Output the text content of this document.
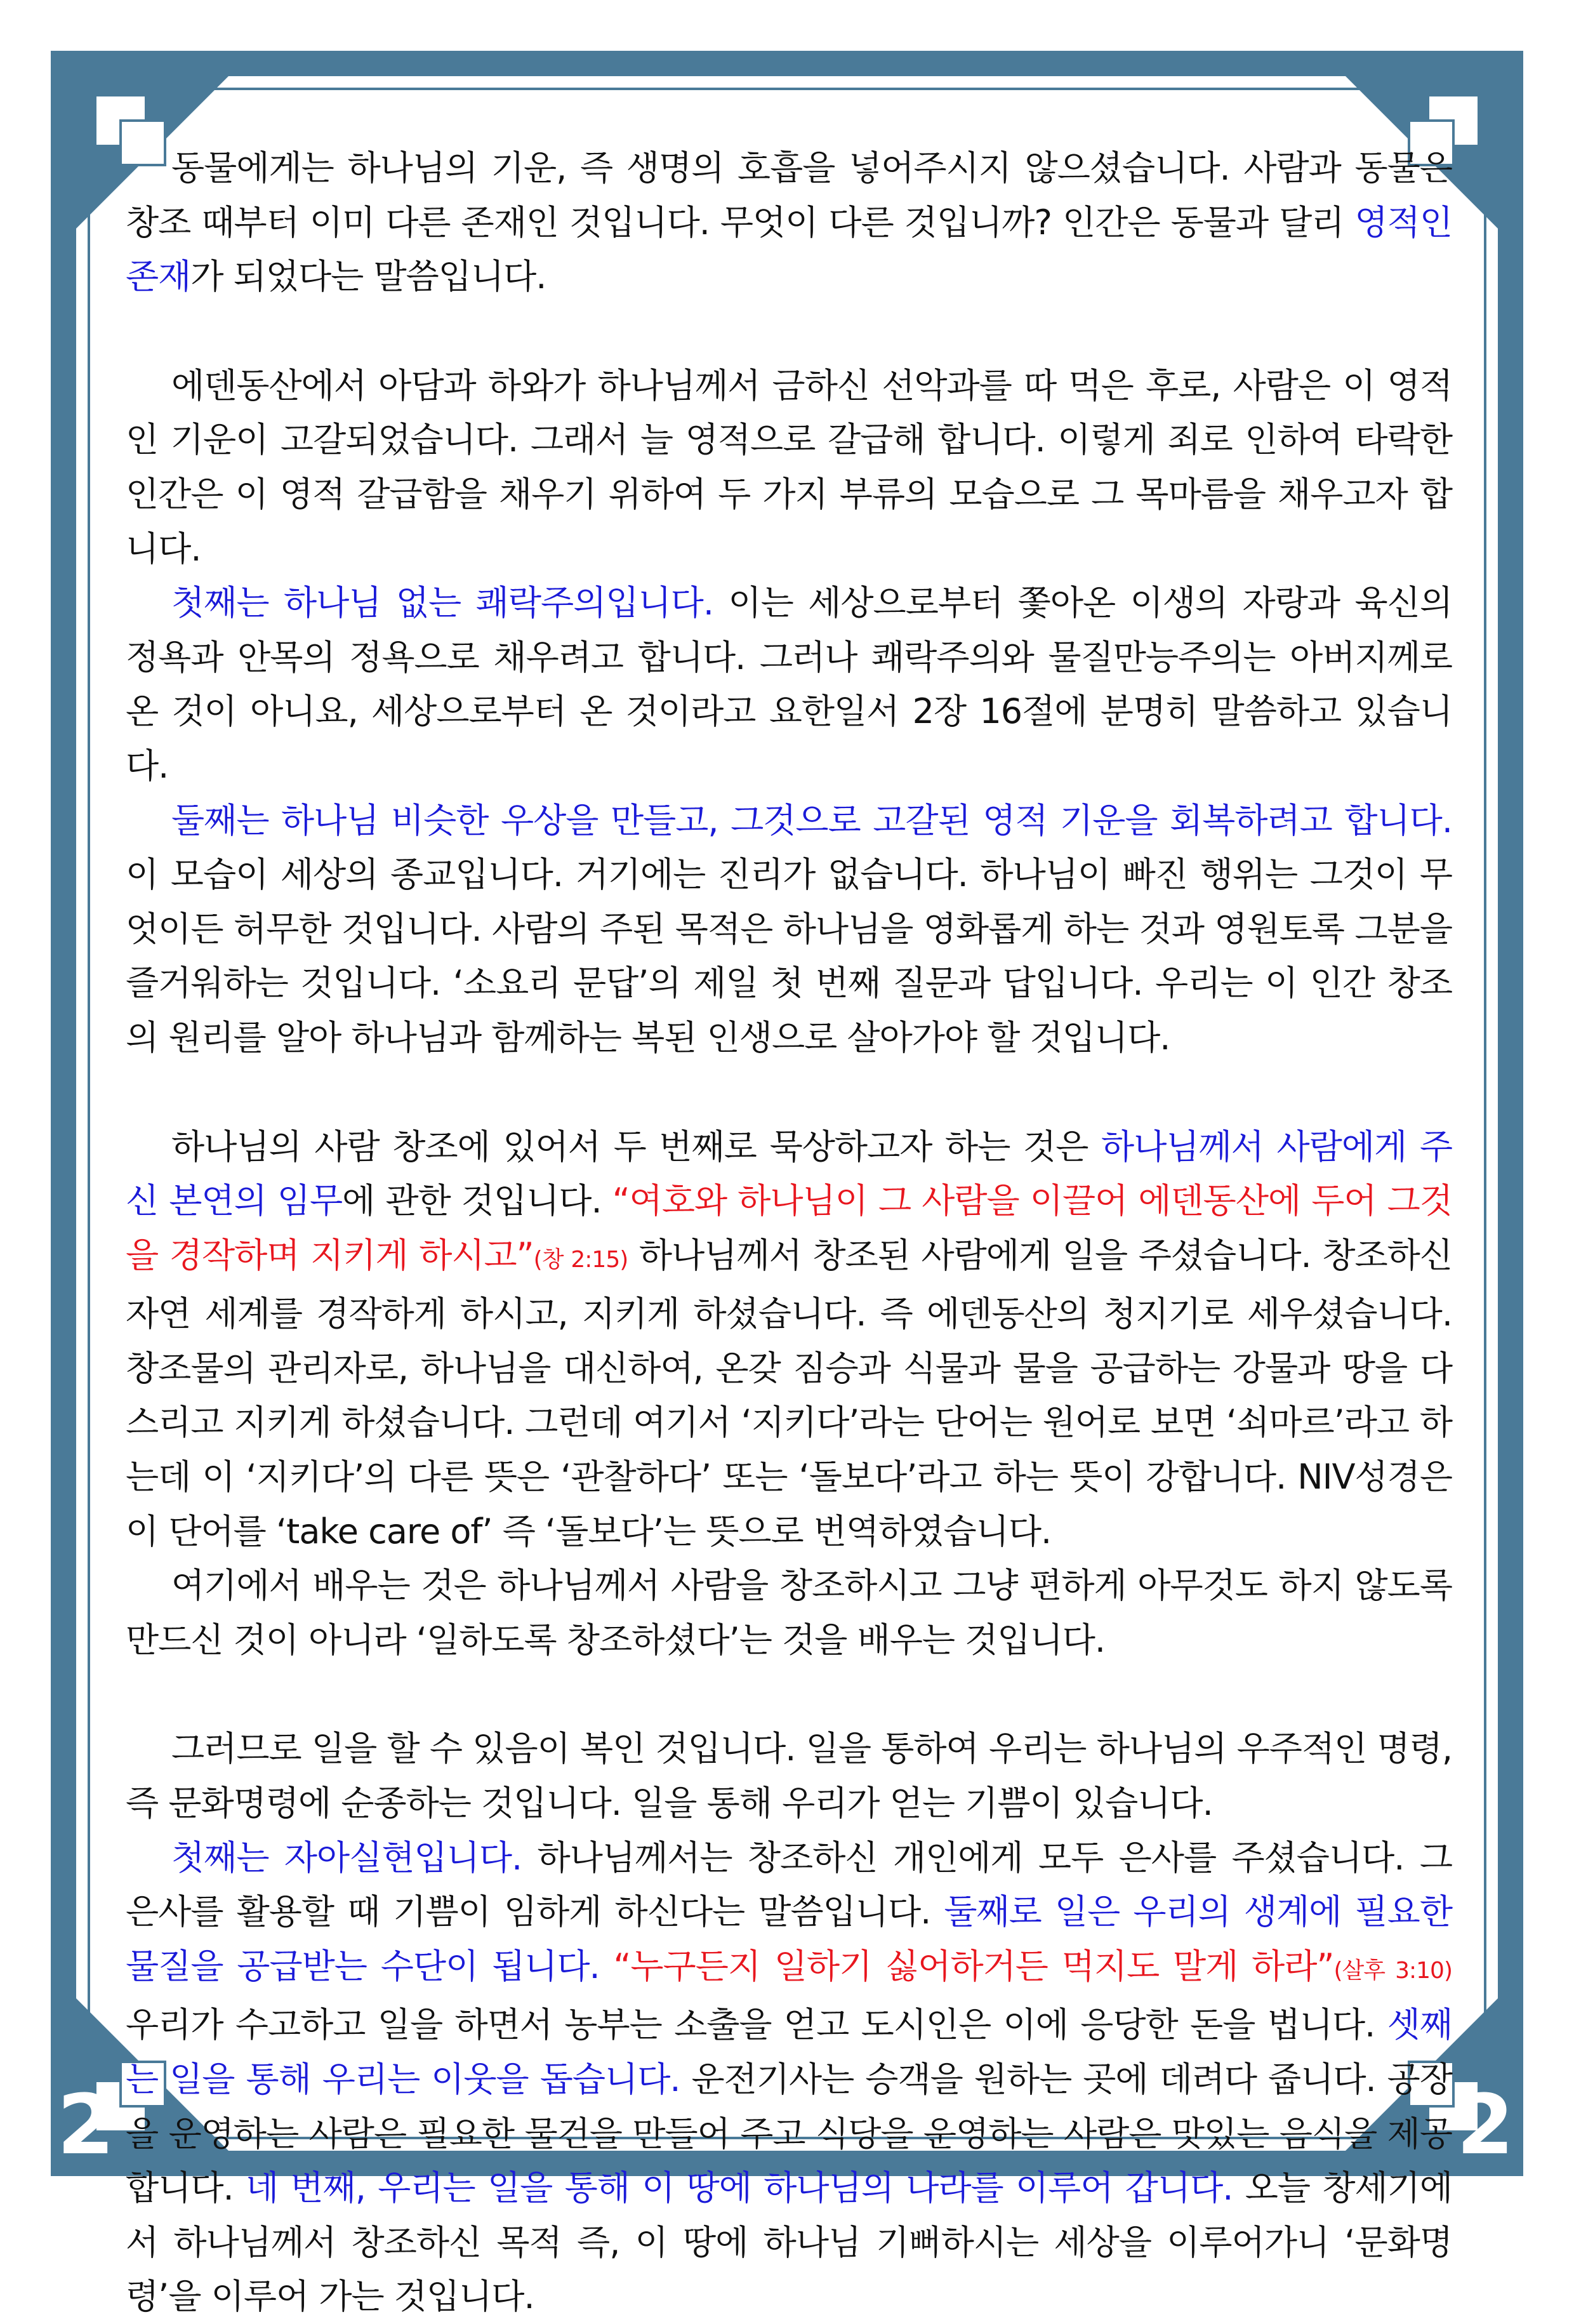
동물에게는 하나님의 기운, 즉 생명의 호흡을 넣어주시지 않으셨습니다. 사람과 동물은 창조 때부터 이미 다른 존재인 것입니다. 무엇이 다른 것입니까? 인간은 동물과 달리 영적인 존재가 되었다는 말씀입니다.

에덴동산에서 아담과 하와가 하나님께서 금하신 선악과를 따 먹은 후로, 사람은 이 영적인 기운이 고갈되었습니다. 그래서 늘 영적으로 갈급해 합니다. 이렇게 죄로 인하여 타락한 인간은 이 영적 갈급함을 채우기 위하여 두 가지 부류의 모습으로 그 목마름을 채우고자 합니다.

첫째는 하나님 없는 쾌락주의입니다. 이는 세상으로부터 쫓아온 이생의 자랑과 육신의 정욕과 안목의 정욕으로 채우려고 합니다. 그러나 쾌락주의와 물질만능주의는 아버지께로 온 것이 아니요, 세상으로부터 온 것이라고 요한일서 2장 16절에 분명히 말씀하고 있습니다.

둘째는 하나님 비슷한 우상을 만들고, 그것으로 고갈된 영적 기운을 회복하려고 합니다. 이 모습이 세상의 종교입니다. 거기에는 진리가 없습니다. 하나님이 빠진 행위는 그것이 무엇이든 허무한 것입니다. 사람의 주된 목적은 하나님을 영화롭게 하는 것과 영원토록 그분을 즐거워하는 것입니다. ‘소요리 문답’의 제일 첫 번째 질문과 답입니다. 우리는 이 인간 창조의 원리를 알아 하나님과 함께하는 복된 인생으로 살아가야 할 것입니다.

하나님의 사람 창조에 있어서 두 번째로 묵상하고자 하는 것은 하나님께서 사람에게 주신 본연의 임무에 관한 것입니다. “여호와 하나님이 그 사람을 이끌어 에덴동산에 두어 그것을 경작하며 지키게 하시고”(창 2:15) 하나님께서 창조된 사람에게 일을 주셨습니다. 창조하신 자연 세계를 경작하게 하시고, 지키게 하셨습니다. 즉 에덴동산의 청지기로 세우셨습니다. 창조물의 관리자로, 하나님을 대신하여, 온갖 짐승과 식물과 물을 공급하는 강물과 땅을 다스리고 지키게 하셨습니다. 그런데 여기서 ‘지키다’라는 단어는 원어로 보면 ‘쇠마르’라고 하는데 이 ‘지키다’의 다른 뜻은 ‘관찰하다’ 또는 ‘돌보다’라고 하는 뜻이 강합니다. NIV성경은 이 단어를 ‘take care of’ 즉 ‘돌보다’는 뜻으로 번역하였습니다.

여기에서 배우는 것은 하나님께서 사람을 창조하시고 그냥 편하게 아무것도 하지 않도록 만드신 것이 아니라 ‘일하도록 창조하셨다’는 것을 배우는 것입니다.

그러므로 일을 할 수 있음이 복인 것입니다. 일을 통하여 우리는 하나님의 우주적인 명령, 즉 문화명령에 순종하는 것입니다. 일을 통해 우리가 얻는 기쁨이 있습니다.

첫째는 자아실현입니다. 하나님께서는 창조하신 개인에게 모두 은사를 주셨습니다. 그 은사를 활용할 때 기쁨이 임하게 하신다는 말씀입니다. 둘째로 일은 우리의 생계에 필요한 물질을 공급받는 수단이 됩니다. “누구든지 일하기 싫어하거든 먹지도 말게 하라”(살후 3:10) 우리가 수고하고 일을 하면서 농부는 소출을 얻고 도시인은 이에 응당한 돈을 법니다. 셋째는 일을 통해 우리는 이웃을 돕습니다. 운전기사는 승객을 원하는 곳에 데려다 줍니다. 공장을 운영하는 사람은 필요한 물건을 만들어 주고 식당을 운영하는 사람은 맛있는 음식을 제공합니다. 네 번째, 우리는 일을 통해 이 땅에 하나님의 나라를 이루어 갑니다. 오늘 창세기에서 하나님께서 창조하신 목적 즉, 이 땅에 하나님 기뻐하시는 세상을 이루어가니 ‘문화명령’을 이루어 가는 것입니다.

2	2
